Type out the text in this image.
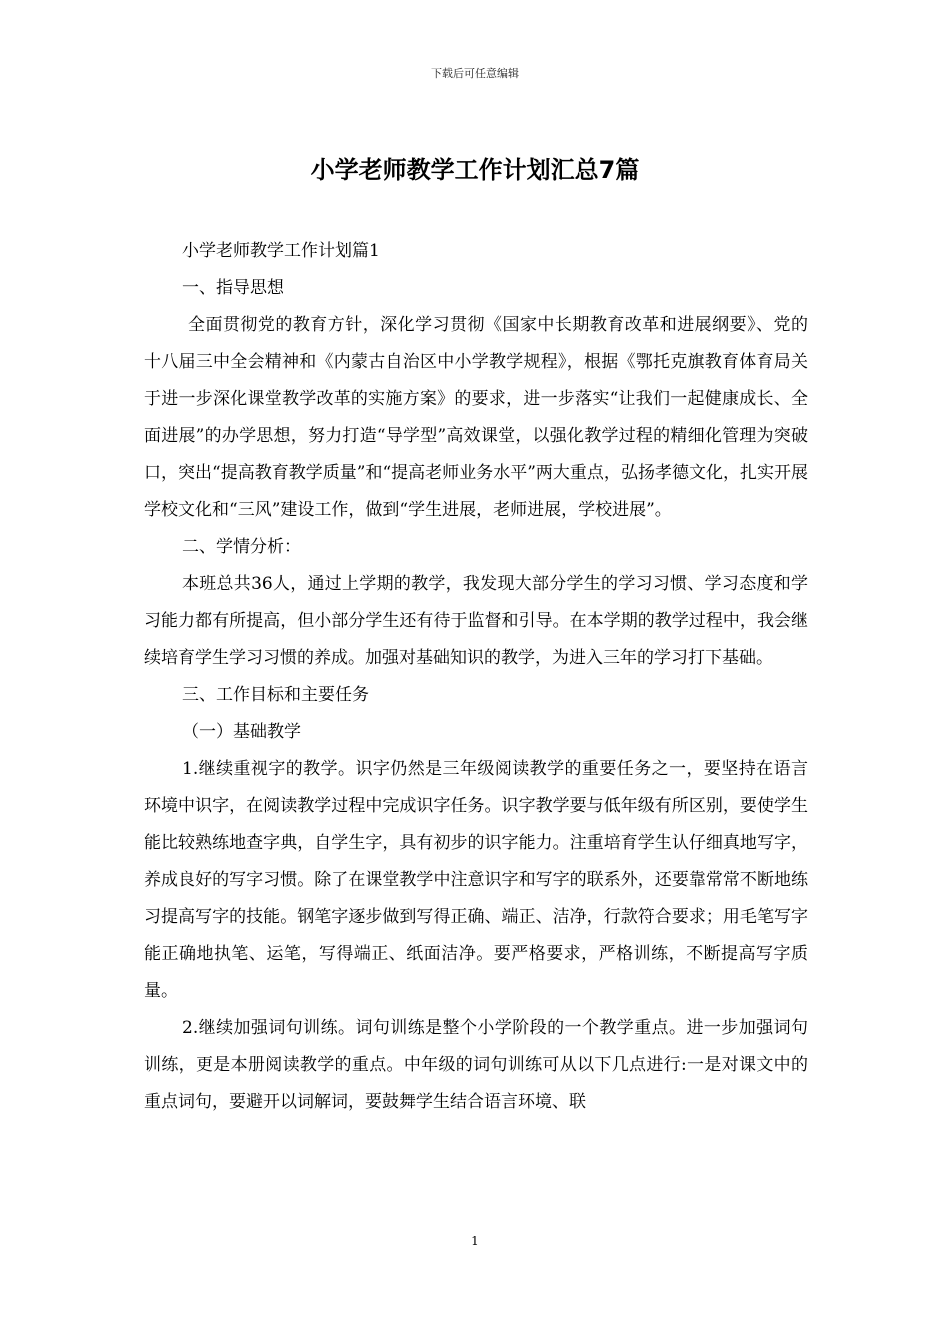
下载后可任意编辑
小学老师教学工作计划汇总7篇

小学老师教学工作计划篇1

一、指导思想

全面贯彻党的教育方针，深化学习贯彻《国家中长期教育改革和进展纲要》、党的十八届三中全会精神和《内蒙古自治区中小学教学规程》，根据《鄂托克旗教育体育局关于进一步深化课堂教学改革的实施方案》的要求，进一步落实“让我们一起健康成长、全面进展”的办学思想，努力打造“导学型”高效课堂，以强化教学过程的精细化管理为突破口，突出“提高教育教学质量”和“提高老师业务水平”两大重点，弘扬孝德文化，扎实开展学校文化和“三风”建设工作，做到“学生进展，老师进展，学校进展”。

二、学情分析：

本班总共36人，通过上学期的教学，我发现大部分学生的学习习惯、学习态度和学习能力都有所提高，但小部分学生还有待于监督和引导。在本学期的教学过程中，我会继续培育学生学习习惯的养成。加强对基础知识的教学，为进入三年的学习打下基础。

三、工作目标和主要任务

（一）基础教学

1.继续重视字的教学。识字仍然是三年级阅读教学的重要任务之一，要坚持在语言环境中识字，在阅读教学过程中完成识字任务。识字教学要与低年级有所区别，要使学生能比较熟练地查字典，自学生字，具有初步的识字能力。注重培育学生认仔细真地写字，养成良好的写字习惯。除了在课堂教学中注意识字和写字的联系外，还要靠常常不断地练习提高写字的技能。钢笔字逐步做到写得正确、端正、洁净，行款符合要求；用毛笔写字能正确地执笔、运笔，写得端正、纸面洁净。要严格要求，严格训练，不断提高写字质量。

2.继续加强词句训练。词句训练是整个小学阶段的一个教学重点。进一步加强词句训练，更是本册阅读教学的重点。中年级的词句训练可从以下几点进行:一是对课文中的重点词句，要避开以词解词，要鼓舞学生结合语言环境、联

1
